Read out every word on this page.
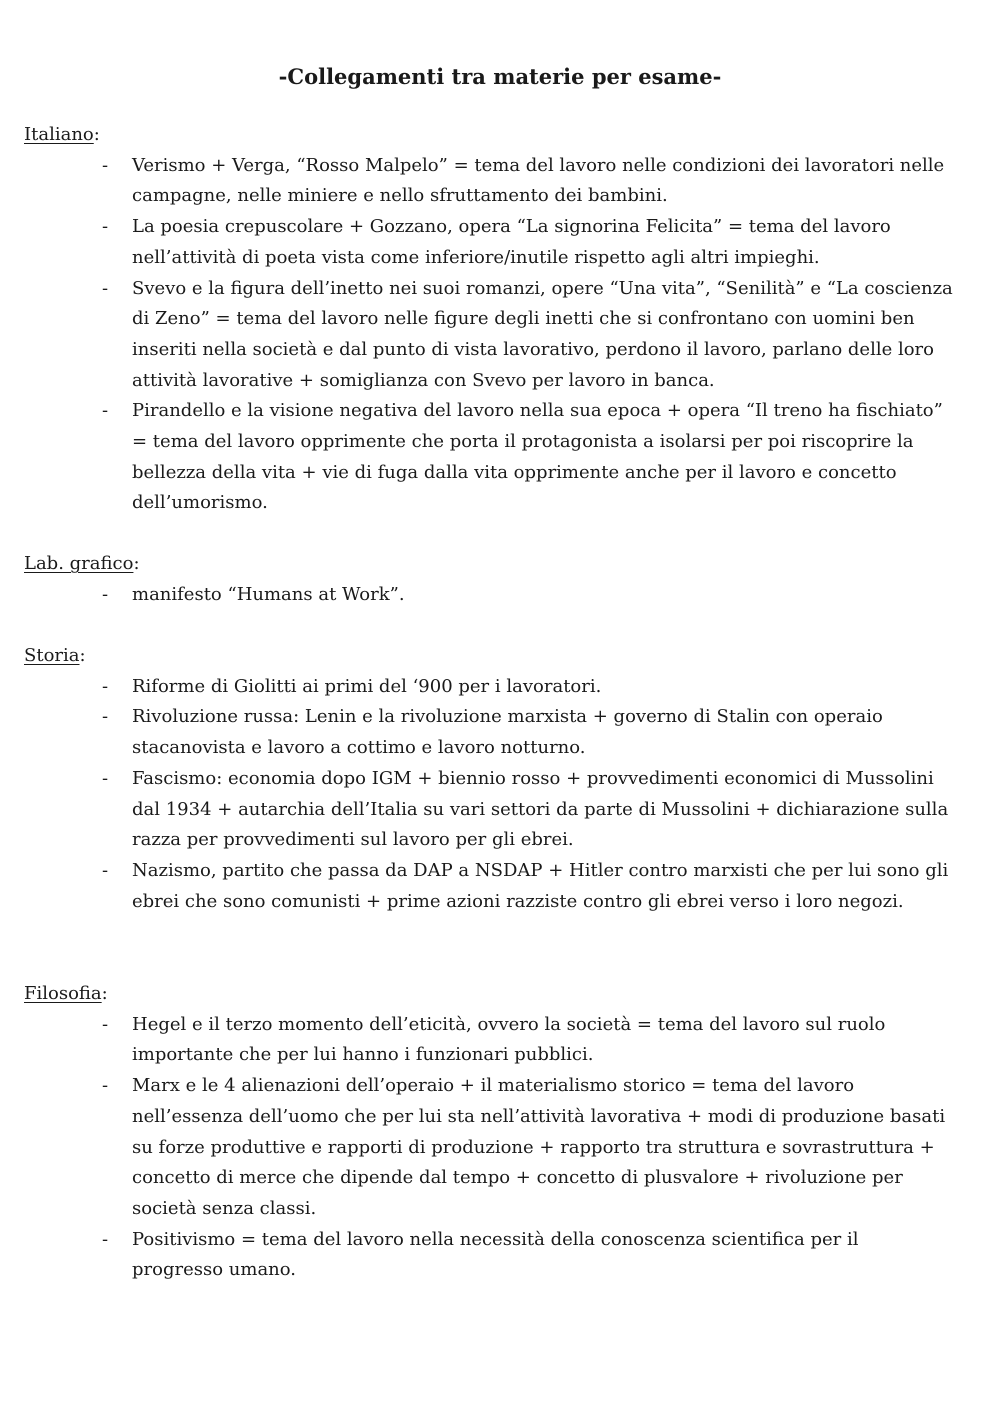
-Collegamenti tra materie per esame-
Italiano:
- Verismo + Verga, “Rosso Malpelo” = tema del lavoro nelle condizioni dei lavoratori nelle campagne, nelle miniere e nello sfruttamento dei bambini.
- La poesia crepuscolare + Gozzano, opera “La signorina Felicita” = tema del lavoro nell’attività di poeta vista come inferiore/inutile rispetto agli altri impieghi.
- Svevo e la figura dell’inetto nei suoi romanzi, opere “Una vita”, “Senilità” e “La coscienza di Zeno” = tema del lavoro nelle figure degli inetti che si confrontano con uomini ben inseriti nella società e dal punto di vista lavorativo, perdono il lavoro, parlano delle loro attività lavorative + somiglianza con Svevo per lavoro in banca.
- Pirandello e la visione negativa del lavoro nella sua epoca + opera “Il treno ha fischiato” = tema del lavoro opprimente che porta il protagonista a isolarsi per poi riscoprire la bellezza della vita + vie di fuga dalla vita opprimente anche per il lavoro e concetto dell’umorismo.
Lab. grafico:
- manifesto “Humans at Work”.
Storia:
- Riforme di Giolitti ai primi del ‘900 per i lavoratori.
- Rivoluzione russa: Lenin e la rivoluzione marxista + governo di Stalin con operaio stacanovista e lavoro a cottimo e lavoro notturno.
- Fascismo: economia dopo IGM + biennio rosso + provvedimenti economici di Mussolini dal 1934 + autarchia dell’Italia su vari settori da parte di Mussolini + dichiarazione sulla razza per provvedimenti sul lavoro per gli ebrei.
- Nazismo, partito che passa da DAP a NSDAP + Hitler contro marxisti che per lui sono gli ebrei che sono comunisti + prime azioni razziste contro gli ebrei verso i loro negozi.
Filosofia:
- Hegel e il terzo momento dell’eticità, ovvero la società = tema del lavoro sul ruolo importante che per lui hanno i funzionari pubblici.
- Marx e le 4 alienazioni dell’operaio + il materialismo storico = tema del lavoro nell’essenza dell’uomo che per lui sta nell’attività lavorativa + modi di produzione basati su forze produttive e rapporti di produzione + rapporto tra struttura e sovrastruttura + concetto di merce che dipende dal tempo + concetto di plusvalore + rivoluzione per società senza classi.
- Positivismo = tema del lavoro nella necessità della conoscenza scientifica per il progresso umano.
